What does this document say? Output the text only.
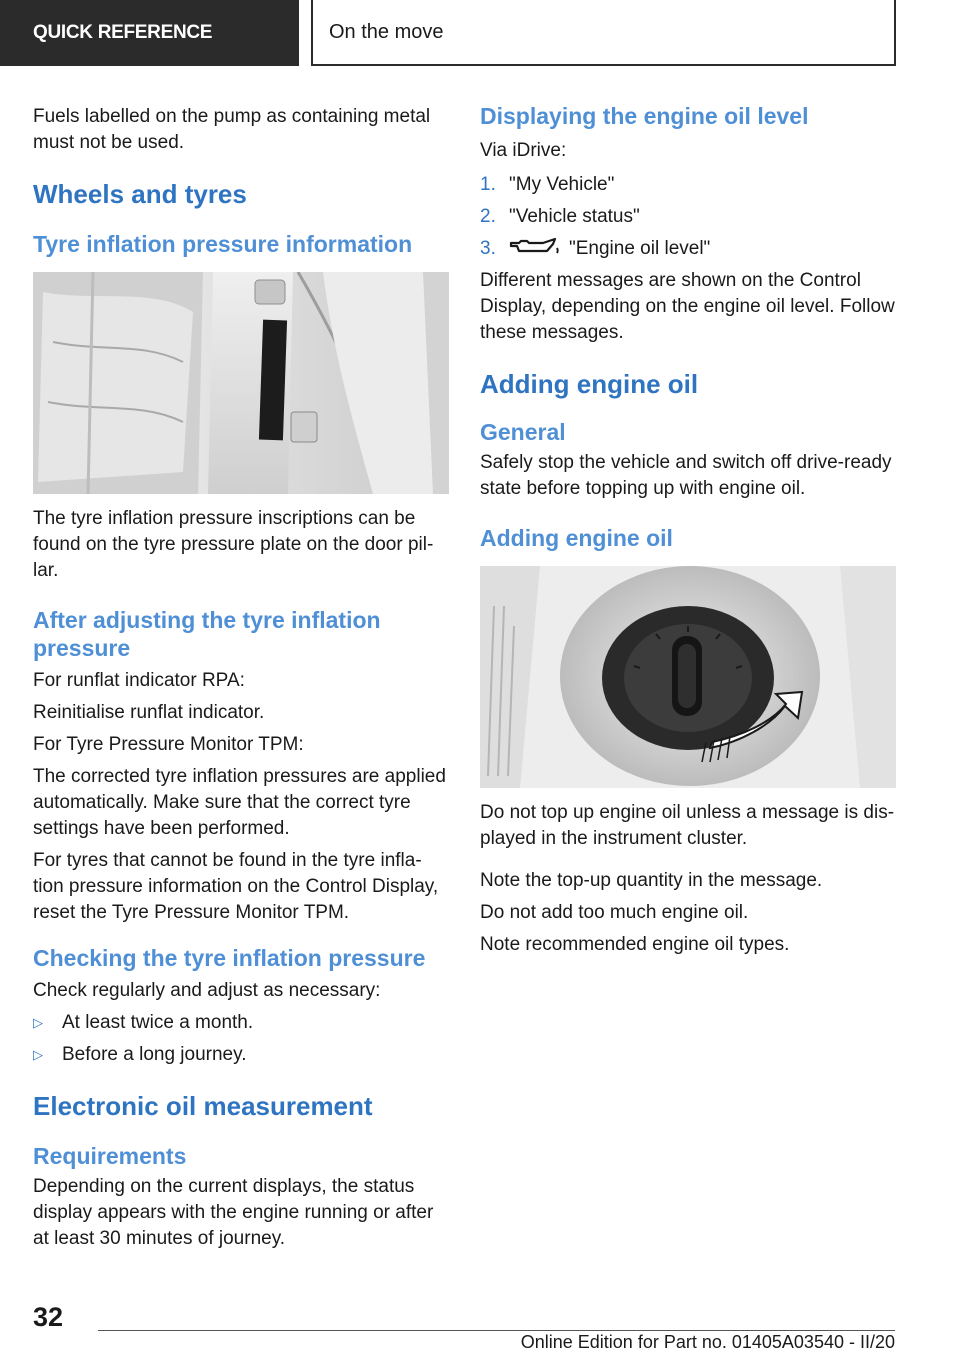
QUICK REFERENCE	On the move

Fuels labelled on the pump as containing metal must not be used.

Wheels and tyres
Tyre inflation pressure information

The tyre inflation pressure inscriptions can be found on the tyre pressure plate on the door pil-lar.

After adjusting the tyre inflation pressure

For runflat indicator RPA:

Reinitialise runflat indicator.

For Tyre Pressure Monitor TPM:

The corrected tyre inflation pressures are applied automatically. Make sure that the correct tyre settings have been performed.

For tyres that cannot be found in the tyre infla-tion pressure information on the Control Display, reset the Tyre Pressure Monitor TPM.

Checking the tyre inflation pressure

Check regularly and adjust as necessary:

▷	At least twice a month.
▷	Before a long journey.
Electronic oil measurement
Requirements

Depending on the current displays, the status display appears with the engine running or after at least 30 minutes of journey.

Displaying the engine oil level

Via iDrive:

1. "My Vehicle"
2. "Vehicle status"
3.	"Engine oil level"

Different messages are shown on the Control Display, depending on the engine oil level. Follow these messages.

Adding engine oil
General

Safely stop the vehicle and switch off drive-ready state before topping up with engine oil.

Adding engine oil

Do not top up engine oil unless a message is dis-played in the instrument cluster.

Note the top-up quantity in the message.

Do not add too much engine oil.

Note recommended engine oil types.

32
Online Edition for Part no. 01405A03540 - II/20
